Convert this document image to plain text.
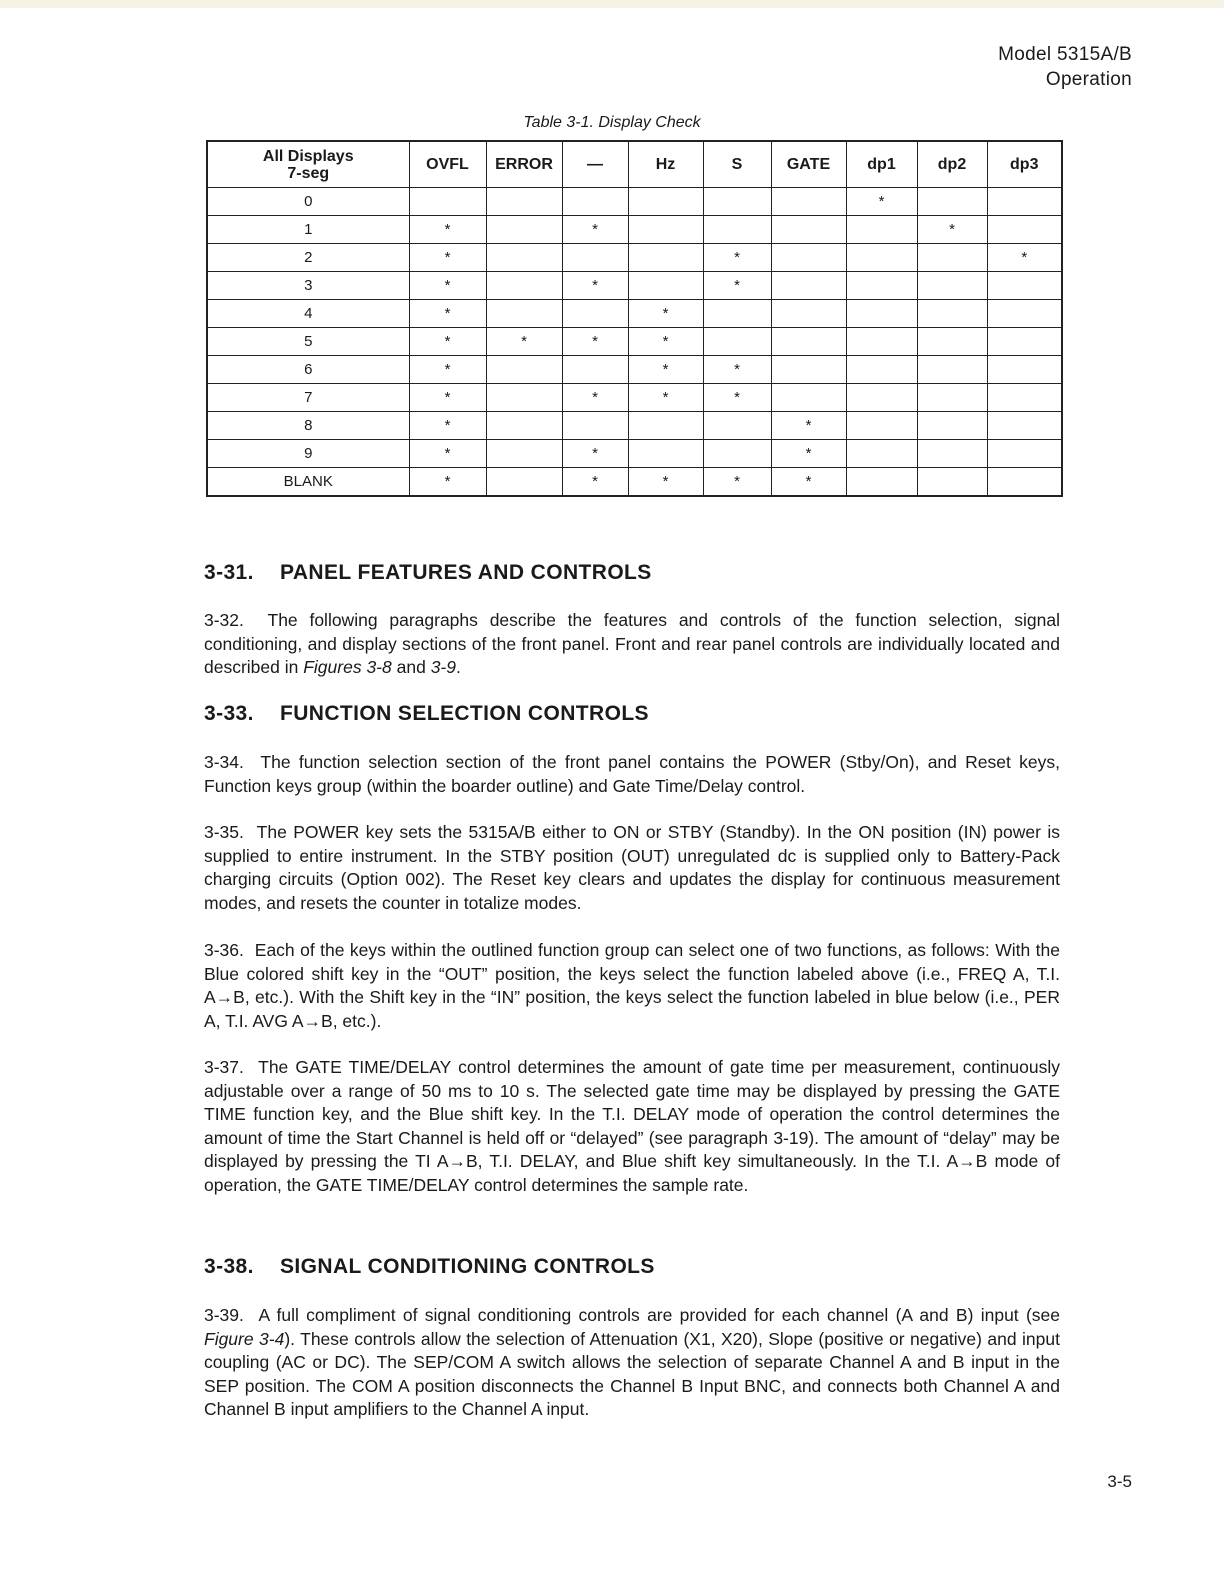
Model 5315A/B
Operation
Table 3-1. Display Check
All Displays
7-seg	OVFL	ERROR	—	Hz	S	GATE	dp1	dp2	dp3
0							*		
1	*		*					*	
2	*				*				*
3	*		*		*				
4	*			*					
5	*	*	*	*					
6	*			*	*				
7	*		*	*	*				
8	*					*			
9	*		*			*			
BLANK	*		*	*	*	*			
3-31. PANEL FEATURES AND CONTROLS

3-32. The following paragraphs describe the features and controls of the function selection, signal conditioning, and display sections of the front panel. Front and rear panel controls are individually located and described in Figures 3-8 and 3-9.

3-33. FUNCTION SELECTION CONTROLS

3-34. The function selection section of the front panel contains the POWER (Stby/On), and Reset keys, Function keys group (within the boarder outline) and Gate Time/Delay control.

3-35. The POWER key sets the 5315A/B either to ON or STBY (Standby). In the ON position (IN) power is supplied to entire instrument. In the STBY position (OUT) unregulated dc is supplied only to Battery-Pack charging circuits (Option 002). The Reset key clears and updates the display for continuous measurement modes, and resets the counter in totalize modes.

3-36. Each of the keys within the outlined function group can select one of two functions, as follows: With the Blue colored shift key in the “OUT” position, the keys select the function labeled above (i.e., FREQ A, T.I. A→B, etc.). With the Shift key in the “IN” position, the keys select the function labeled in blue below (i.e., PER A, T.I. AVG A→B, etc.).

3-37. The GATE TIME/DELAY control determines the amount of gate time per measurement, continuously adjustable over a range of 50 ms to 10 s. The selected gate time may be displayed by pressing the GATE TIME function key, and the Blue shift key. In the T.I. DELAY mode of operation the control determines the amount of time the Start Channel is held off or “delayed” (see paragraph 3-19). The amount of “delay” may be displayed by pressing the TI A→B, T.I. DELAY, and Blue shift key simultaneously. In the T.I. A→B mode of operation, the GATE TIME/DELAY control determines the sample rate.

3-38. SIGNAL CONDITIONING CONTROLS

3-39. A full compliment of signal conditioning controls are provided for each channel (A and B) input (see Figure 3-4). These controls allow the selection of Attenuation (X1, X20), Slope (positive or negative) and input coupling (AC or DC). The SEP/COM A switch allows the selection of separate Channel A and B input in the SEP position. The COM A position disconnects the Channel B Input BNC, and connects both Channel A and Channel B input amplifiers to the Channel A input.

3-5
